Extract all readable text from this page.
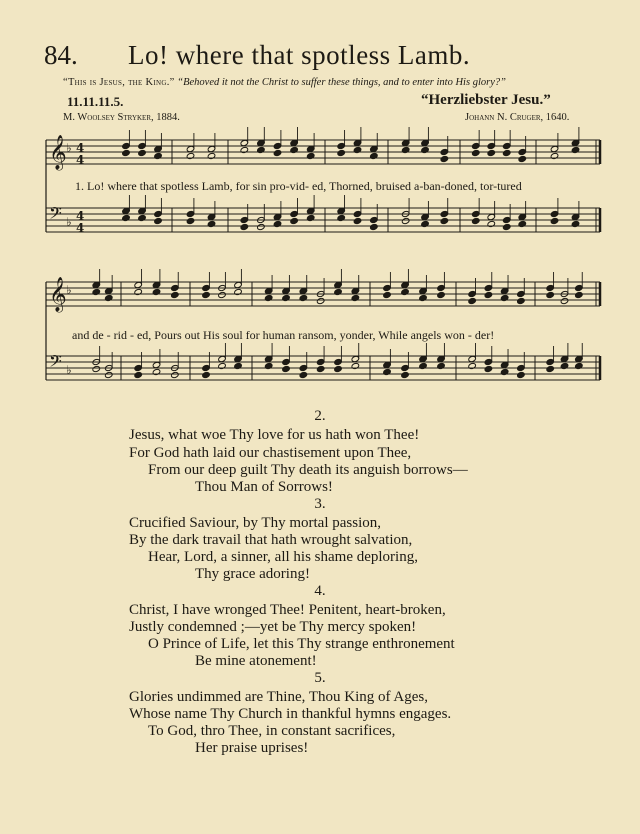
84. Lo! where that spotless Lamb.
“This is Jesus, the King.” “Behoved it not the Christ to suffer these things, and to enter into His glory?”
11.11.11.5.	“Herzliebster Jesu.”
M. Woolsey Stryker, 1884.	Johann N. Cruger, 1640.
𝄞 ♭ 4
4
𝄢 ♭ 4
4
𝄞 ♭
𝄢 ♭
1. Lo! where that spotless Lamb, for sin pro-vid- ed, Thorned, bruised a-ban-doned, tor-tured
and de - rid - ed, Pours out His soul for human ransom, yonder, While angels won - der!
2.
Jesus, what woe Thy love for us hath won Thee!
For God hath laid our chastisement upon Thee,
From our deep guilt Thy death its anguish borrows—
Thou Man of Sorrows!
3.
Crucified Saviour, by Thy mortal passion,
By the dark travail that hath wrought salvation,
Hear, Lord, a sinner, all his shame deploring,
Thy grace adoring!
4.
Christ, I have wronged Thee! Penitent, heart-broken,
Justly condemned ;—yet be Thy mercy spoken!
O Prince of Life, let this Thy strange enthronement
Be mine atonement!
5.
Glories undimmed are Thine, Thou King of Ages,
Whose name Thy Church in thankful hymns engages.
To God, thro Thee, in constant sacrifices,
Her praise uprises!
